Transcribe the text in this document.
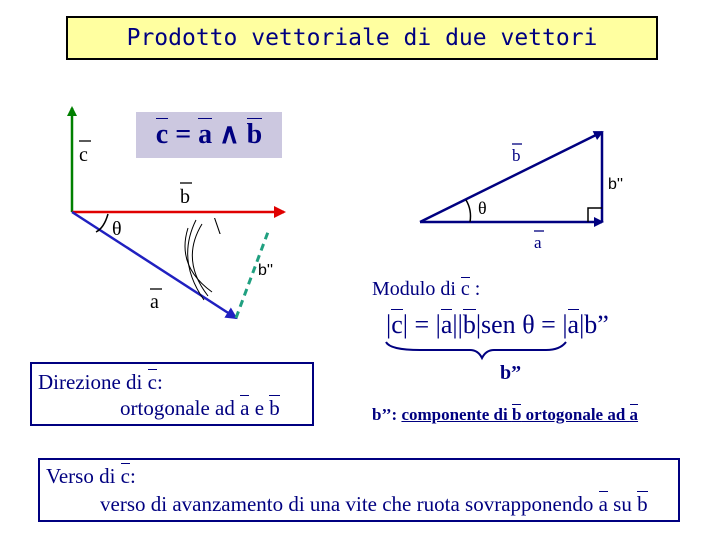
Prodotto vettoriale di due vettori
c = a ∧ b
c
b
θ
a
\
b''
b
a
θ
b''
Modulo di c :
|c| = |a||b|sen θ = |a|b”
b”
b’’: componente di b ortogonale ad a
Direzione di c:
ortogonale ad a e b
Verso di c:
verso di avanzamento di una vite che ruota sovrapponendo a su b
